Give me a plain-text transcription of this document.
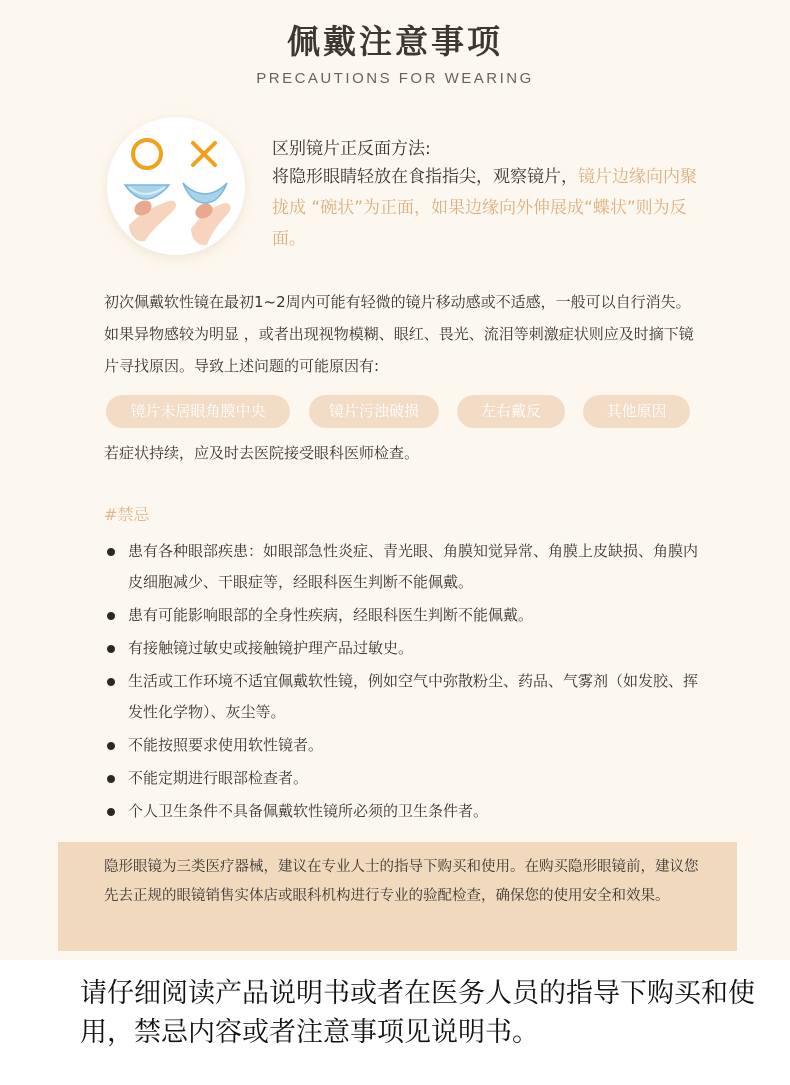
佩戴注意事项
PRECAUTIONS FOR WEARING
区别镜片正反面方法:
将隐形眼睛轻放在食指指尖，观察镜片，镜片边缘向内聚拢成 “碗状”为正面，如果边缘向外伸展成“蝶状”则为反面。
初次佩戴软性镜在最初1~2周内可能有轻微的镜片移动感或不适感，一般可以自行消失。如果异物感较为明显 ，或者出现视物模糊、眼红、畏光、流泪等刺激症状则应及时摘下镜片寻找原因。导致上述问题的可能原因有:
镜片未居眼角膜中央	镜片污浊破损	左右戴反	其他原因
若症状持续，应及时去医院接受眼科医师检查。
#禁忌
患有各种眼部疾患：如眼部急性炎症、青光眼、角膜知觉异常、角膜上皮缺损、角膜内皮细胞减少、干眼症等，经眼科医生判断不能佩戴。
患有可能影响眼部的全身性疾病，经眼科医生判断不能佩戴。
有接触镜过敏史或接触镜护理产品过敏史。
生活或工作环境不适宜佩戴软性镜，例如空气中弥散粉尘、药品、气雾剂（如发胶、挥发性化学物）、灰尘等。
不能按照要求使用软性镜者。
不能定期进行眼部检查者。
个人卫生条件不具备佩戴软性镜所必须的卫生条件者。
隐形眼镜为三类医疗器械，建议在专业人士的指导下购买和使用。在购买隐形眼镜前，建议您先去正规的眼镜销售实体店或眼科机构进行专业的验配检查，确保您的使用安全和效果。
请仔细阅读产品说明书或者在医务人员的指导下购买和使用，禁忌内容或者注意事项见说明书。
